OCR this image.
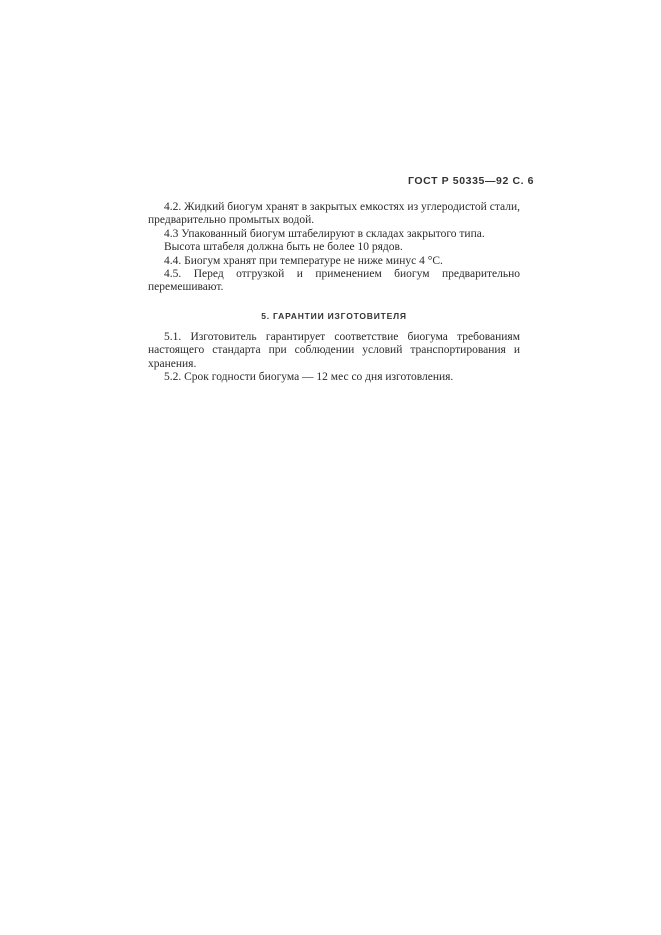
ГОСТ Р 50335—92 С. 6

4.2. Жидкий биогум хранят в закрытых емкостях из углеродистой стали, предварительно промытых водой.

4.3 Упакованный биогум штабелируют в складах закрытого типа.

Высота штабеля должна быть не более 10 рядов.

4.4. Биогум хранят при температуре не ниже минус 4 °C.

4.5. Перед отгрузкой и применением биогум предварительно перемешивают.

5. ГАРАНТИИ ИЗГОТОВИТЕЛЯ

5.1. Изготовитель гарантирует соответствие биогума требованиям настоящего стандарта при соблюдении условий транспортирования и хранения.

5.2. Срок годности биогума — 12 мес со дня изготовления.
